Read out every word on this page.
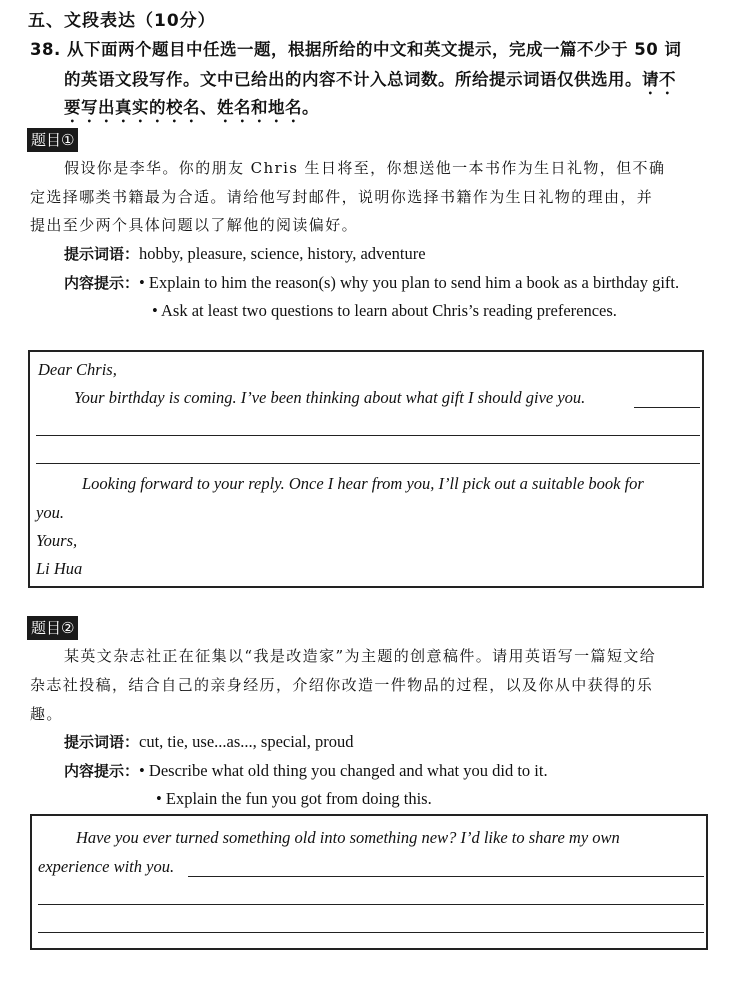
五、文段表达（10分）
38. 从下面两个题目中任选一题，根据所给的中文和英文提示，完成一篇不少于 50 词
的英语文段写作。文中已给出的内容不计入总词数。所给提示词语仅供选用。请不
要写出真实的校名、姓名和地名。
题目①
假设你是李华。你的朋友 Chris 生日将至，你想送他一本书作为生日礼物，但不确
定选择哪类书籍最为合适。请给他写封邮件，说明你选择书籍作为生日礼物的理由，并
提出至少两个具体问题以了解他的阅读偏好。
提示词语：hobby, pleasure, science, history, adventure
内容提示：• Explain to him the reason(s) why you plan to send him a book as a birthday gift.
• Ask at least two questions to learn about Chris’s reading preferences.
Dear Chris,
Your birthday is coming. I’ve been thinking about what gift I should give you.
Looking forward to your reply. Once I hear from you, I’ll pick out a suitable book for
you.
Yours,
Li Hua
题目②
某英文杂志社正在征集以“我是改造家”为主题的创意稿件。请用英语写一篇短文给
杂志社投稿，结合自己的亲身经历，介绍你改造一件物品的过程，以及你从中获得的乐
趣。
提示词语：cut, tie, use...as..., special, proud
内容提示：• Describe what old thing you changed and what you did to it.
• Explain the fun you got from doing this.
Have you ever turned something old into something new? I’d like to share my own
experience with you.
